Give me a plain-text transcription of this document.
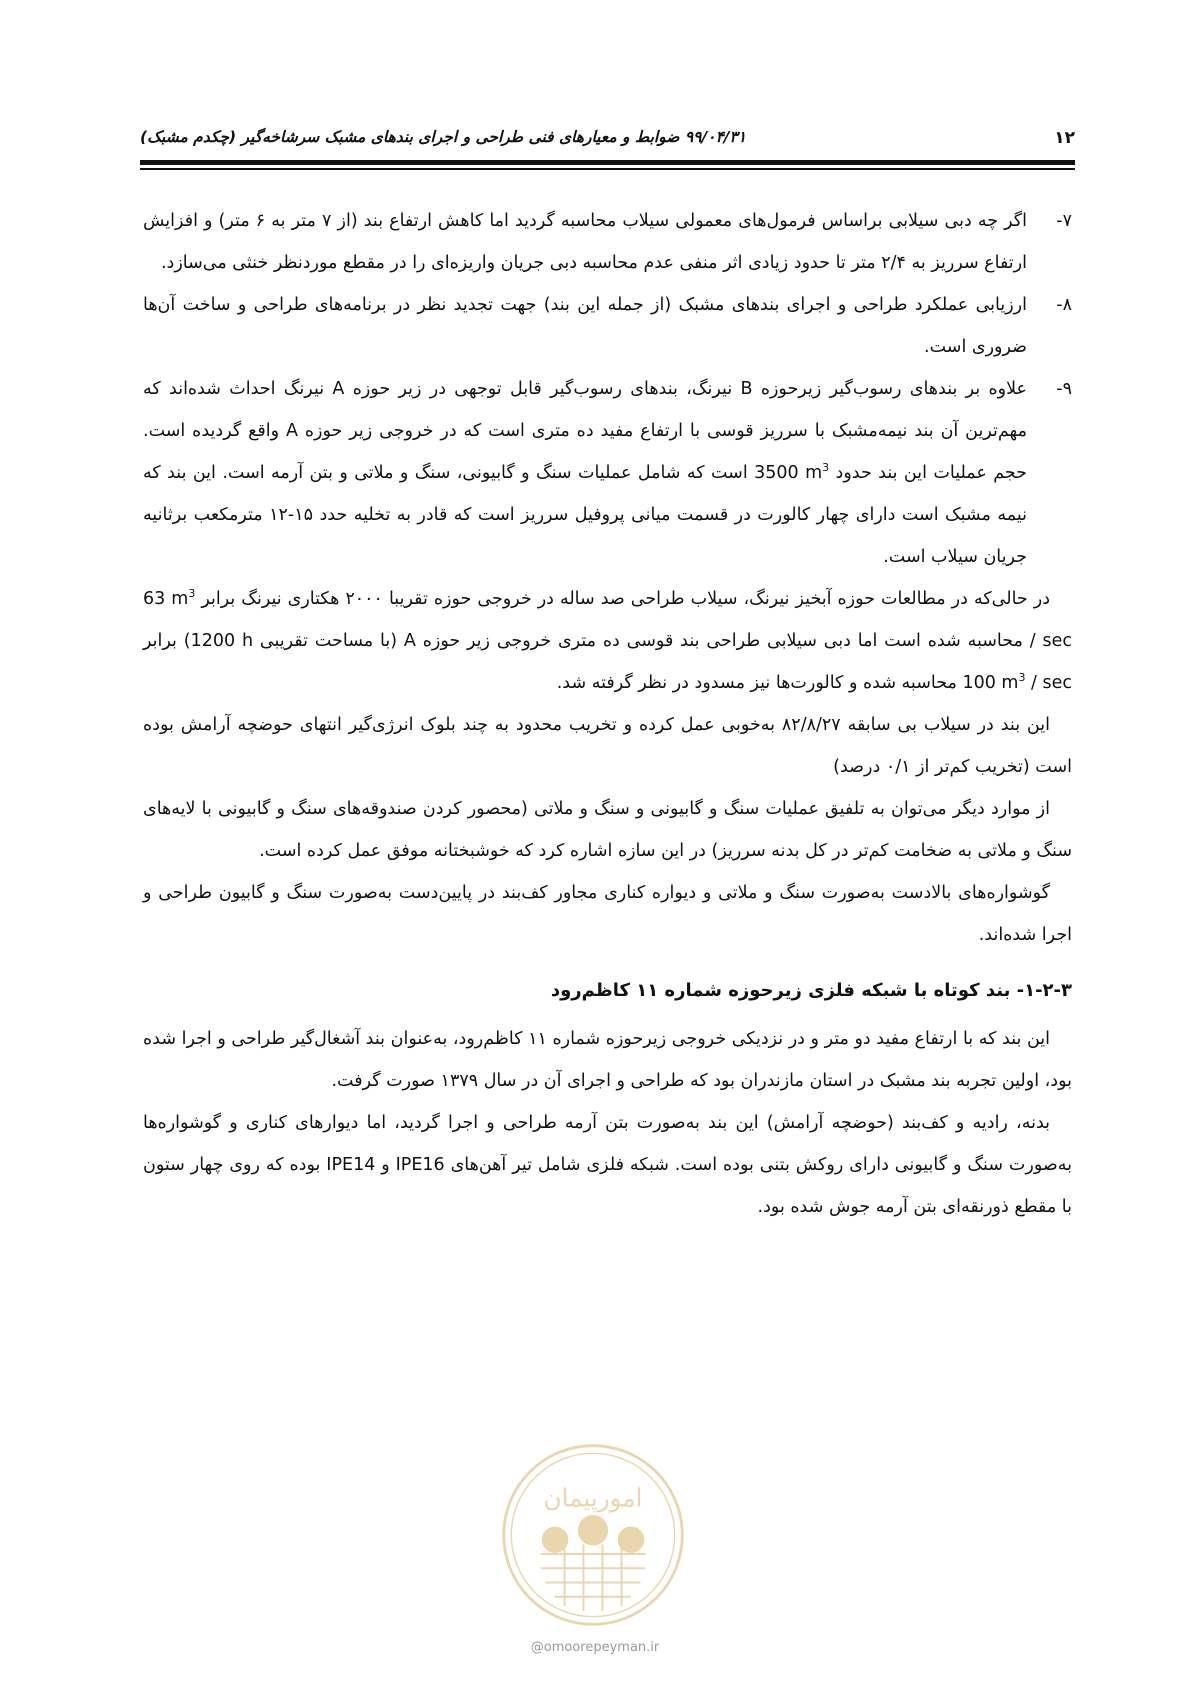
۱۲
۹۹/۰۴/۳۱ ضوابط و معیارهای فنی طراحی و اجرای بندهای مشبک سرشاخه‌گیر (چکدم مشبک)
۷-
اگر چه دبی سیلابی براساس فرمول‌های معمولی سیلاب محاسبه گردید اما کاهش ارتفاع بند (از ۷ متر به ۶ متر) و افزایش ارتفاع سرریز به ۲/۴ متر تا حدود زیادی اثر منفی عدم محاسبه دبی جریان واریزه‌ای را در مقطع موردنظر خنثی می‌سازد.
۸-
ارزیابی عملکرد طراحی و اجرای بندهای مشبک (از جمله این بند) جهت تجدید نظر در برنامه‌های طراحی و ساخت آن‌ها ضروری است.
۹-
علاوه بر بندهای رسوب‌گیر زیرحوزه B نیرنگ، بندهای رسوب‌گیر قابل توجهی در زیر حوزه A نیرنگ احداث شده‌اند که مهم‌ترین آن بند نیمه‌مشبک با سرریز قوسی با ارتفاع مفید ده متری است که در خروجی زیر حوزه A واقع گردیده است. حجم عملیات این بند حدود 3500 $m^3$ است که شامل عملیات سنگ و گابیونی، سنگ و ملاتی و بتن آرمه است. این بند که نیمه مشبک است دارای چهار کالورت در قسمت میانی پروفیل سرریز است که قادر به تخلیه حدد ۱۵-۱۲ مترمکعب برثانیه جریان سیلاب است.

در حالی‌که در مطالعات حوزه آبخیز نیرنگ، سیلاب طراحی صد ساله در خروجی حوزه تقریبا ۲۰۰۰ هکتاری نیرنگ برابر 63 $m^3$ / sec محاسبه شده است اما دبی سیلابی طراحی بند قوسی ده متری خروجی زیر حوزه A (با مساحت تقریبی 1200 h) برابر 100 $m^3$ / sec محاسبه شده و کالورت‌ها نیز مسدود در نظر گرفته شد.

این بند در سیلاب بی سابقه ۸۲/۸/۲۷ به‌خوبی عمل کرده و تخریب محدود به چند بلوک انرژی‌گیر انتهای حوضچه آرامش بوده است (تخریب کم‌تر از ۰/۱ درصد)

از موارد دیگر می‌توان به تلفیق عملیات سنگ و گابیونی و سنگ و ملاتی (محصور کردن صندوقه‌های سنگ و گابیونی با لایه‌های سنگ و ملاتی به ضخامت کم‌تر در کل بدنه سرریز) در این سازه اشاره کرد که خوشبختانه موفق عمل کرده است.

گوشواره‌های بالادست به‌صورت سنگ و ملاتی و دیواره کناری مجاور کف‌بند در پایین‌دست به‌صورت سنگ و گابیون طراحی و اجرا شده‌اند.

۱-۲-۳- بند کوتاه با شبکه فلزی زیرحوزه شماره ۱۱ کاظم‌رود

این بند که با ارتفاع مفید دو متر و در نزدیکی خروجی زیرحوزه شماره ۱۱ کاظم‌رود، به‌عنوان بند آشغال‌گیر طراحی و اجرا شده بود، اولین تجربه بند مشبک در استان مازندران بود که طراحی و اجرای آن در سال ۱۳۷۹ صورت گرفت.

بدنه، رادیه و کف‌بند (حوضچه آرامش) این بند به‌صورت بتن آرمه طراحی و اجرا گردید، اما دیوارهای کناری و گوشواره‌ها به‌صورت سنگ و گابیونی دارای روکش بتنی بوده است. شبکه فلزی شامل تیر آهن‌های IPE16 و IPE14 بوده که روی چهار ستون با مقطع ذورنقه‌ای بتن آرمه جوش شده بود.

امورپیمان
@omoorepeyman.ir
